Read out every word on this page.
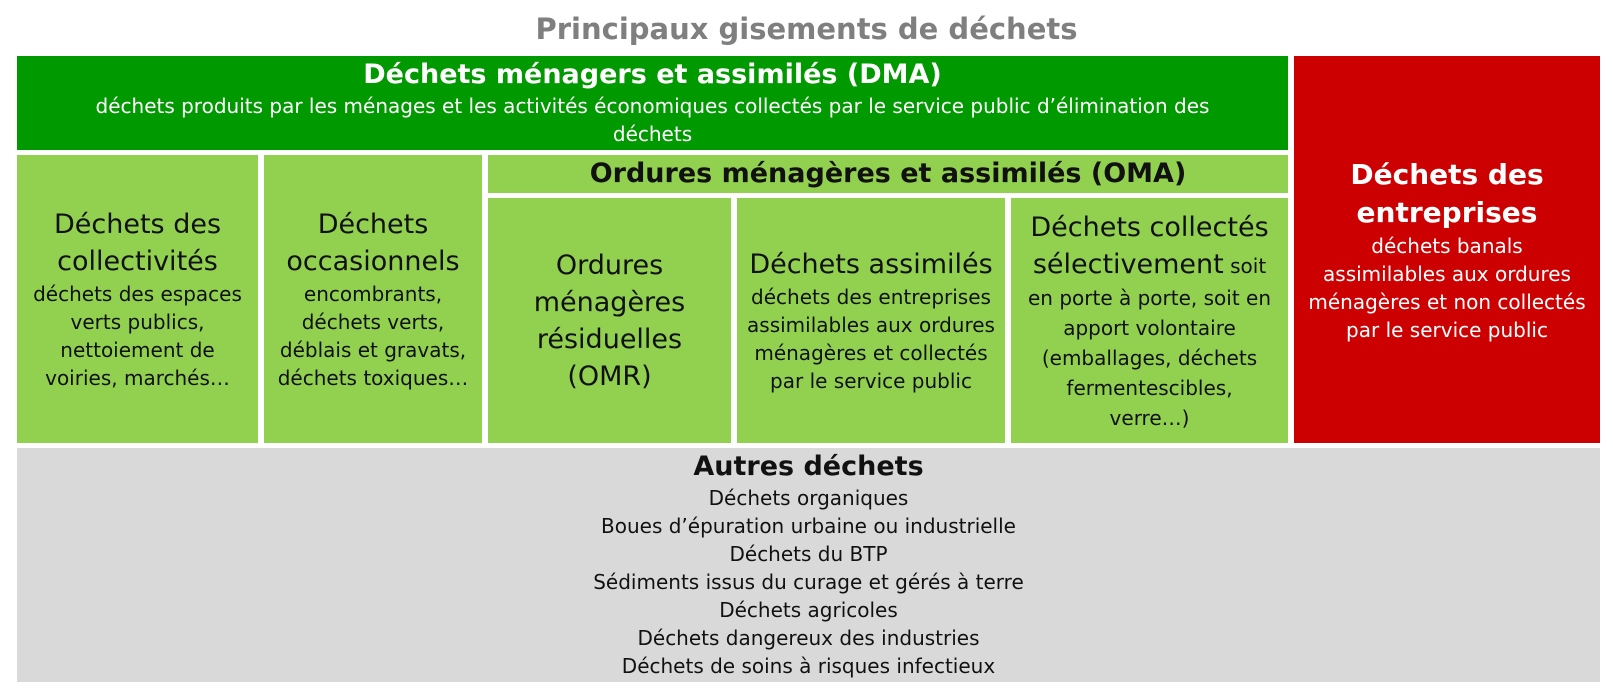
Principaux gisements de déchets
Déchets ménagers et assimilés (DMA)
déchets produits par les ménages et les activités économiques collectés par le service public d’élimination des déchets
Déchets des collectivités
déchets des espaces verts publics, nettoiement de voiries, marchés…
Déchets occasionnels
encombrants, déchets verts, déblais et gravats, déchets toxiques…
Ordures ménagères et assimilés (OMA)
Ordures ménagères résiduelles (OMR)
Déchets assimilés
déchets des entreprises assimilables aux ordures ménagères et collectés par le service public
Déchets collectés sélectivement soit en porte à porte, soit en apport volontaire (emballages, déchets fermentescibles, verre…)
Déchets des entreprises
déchets banals assimilables aux ordures ménagères et non collectés par le service public
Autres déchets
Déchets organiques
Boues d’épuration urbaine ou industrielle
Déchets du BTP
Sédiments issus du curage et gérés à terre
Déchets agricoles
Déchets dangereux des industries
Déchets de soins à risques infectieux
